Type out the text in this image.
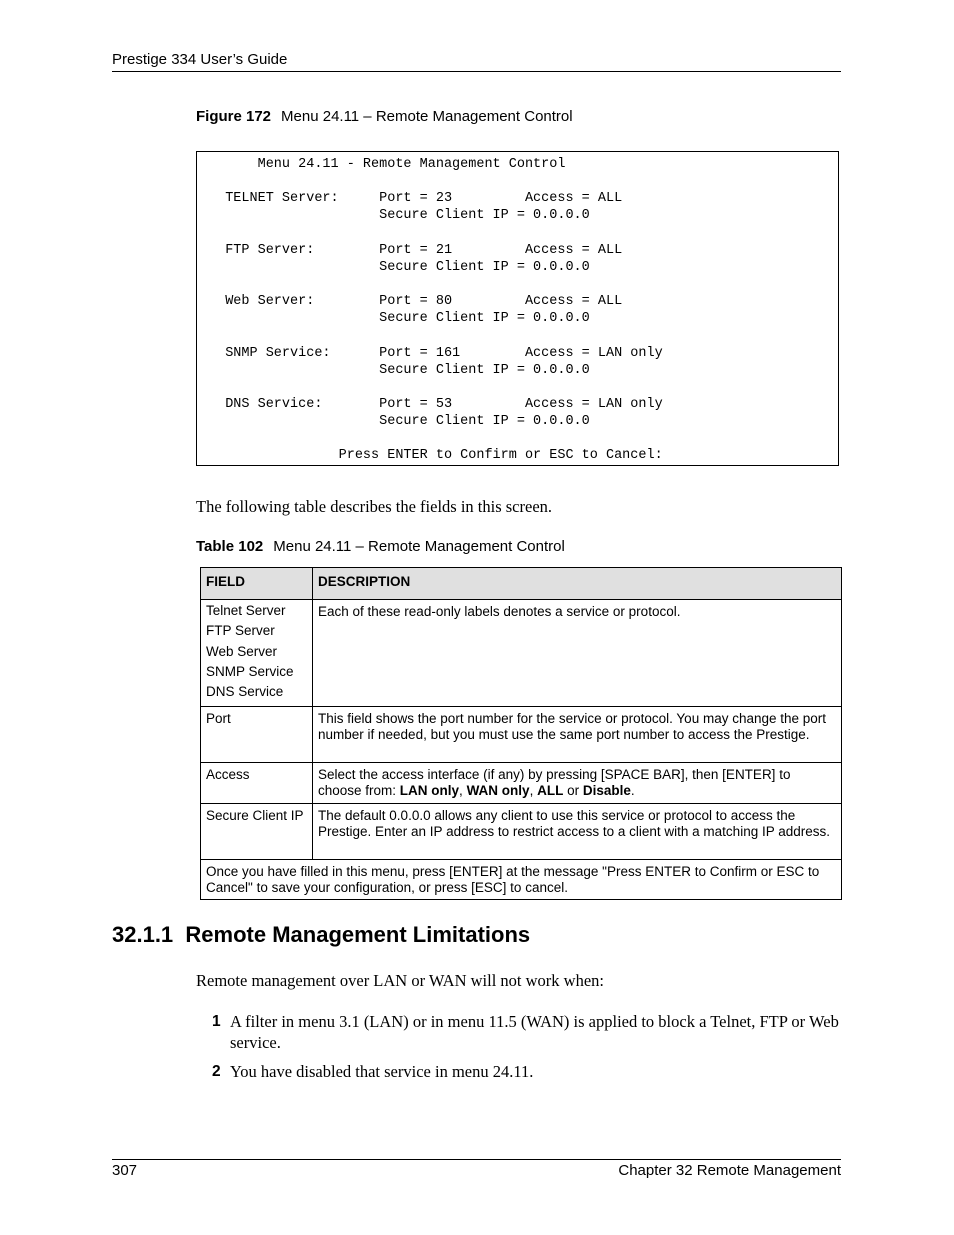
Prestige 334 User’s Guide
Figure 172 Menu 24.11 – Remote Management Control
Menu 24.11 - Remote Management Control
TELNET Server:     Port = 23         Access = ALL
Secure Client IP = 0.0.0.0
FTP Server:        Port = 21         Access = ALL
Secure Client IP = 0.0.0.0
Web Server:        Port = 80         Access = ALL
Secure Client IP = 0.0.0.0
SNMP Service:      Port = 161        Access = LAN only
Secure Client IP = 0.0.0.0
DNS Service:       Port = 53         Access = LAN only
Secure Client IP = 0.0.0.0
Press ENTER to Confirm or ESC to Cancel:
The following table describes the fields in this screen.
Table 102 Menu 24.11 – Remote Management Control
FIELD	DESCRIPTION

Telnet Server
FTP Server
Web Server
SNMP Service
DNS Service	Each of these read-only labels denotes a service or protocol.
Port	This field shows the port number for the service or protocol. You may change the port number if needed, but you must use the same port number to access the Prestige.
Access	Select the access interface (if any) by pressing [SPACE BAR], then [ENTER] to choose from: LAN only, WAN only, ALL or Disable.
Secure Client IP	The default 0.0.0.0 allows any client to use this service or protocol to access the Prestige. Enter an IP address to restrict access to a client with a matching IP address.
Once you have filled in this menu, press [ENTER] at the message "Press ENTER to Confirm or ESC to Cancel" to save your configuration, or press [ESC] to cancel.	
32.1.1 Remote Management Limitations
Remote management over LAN or WAN will not work when:
1 A filter in menu 3.1 (LAN) or in menu 11.5 (WAN) is applied to block a Telnet, FTP or Web service.
2 You have disabled that service in menu 24.11.
307	Chapter 32 Remote Management
